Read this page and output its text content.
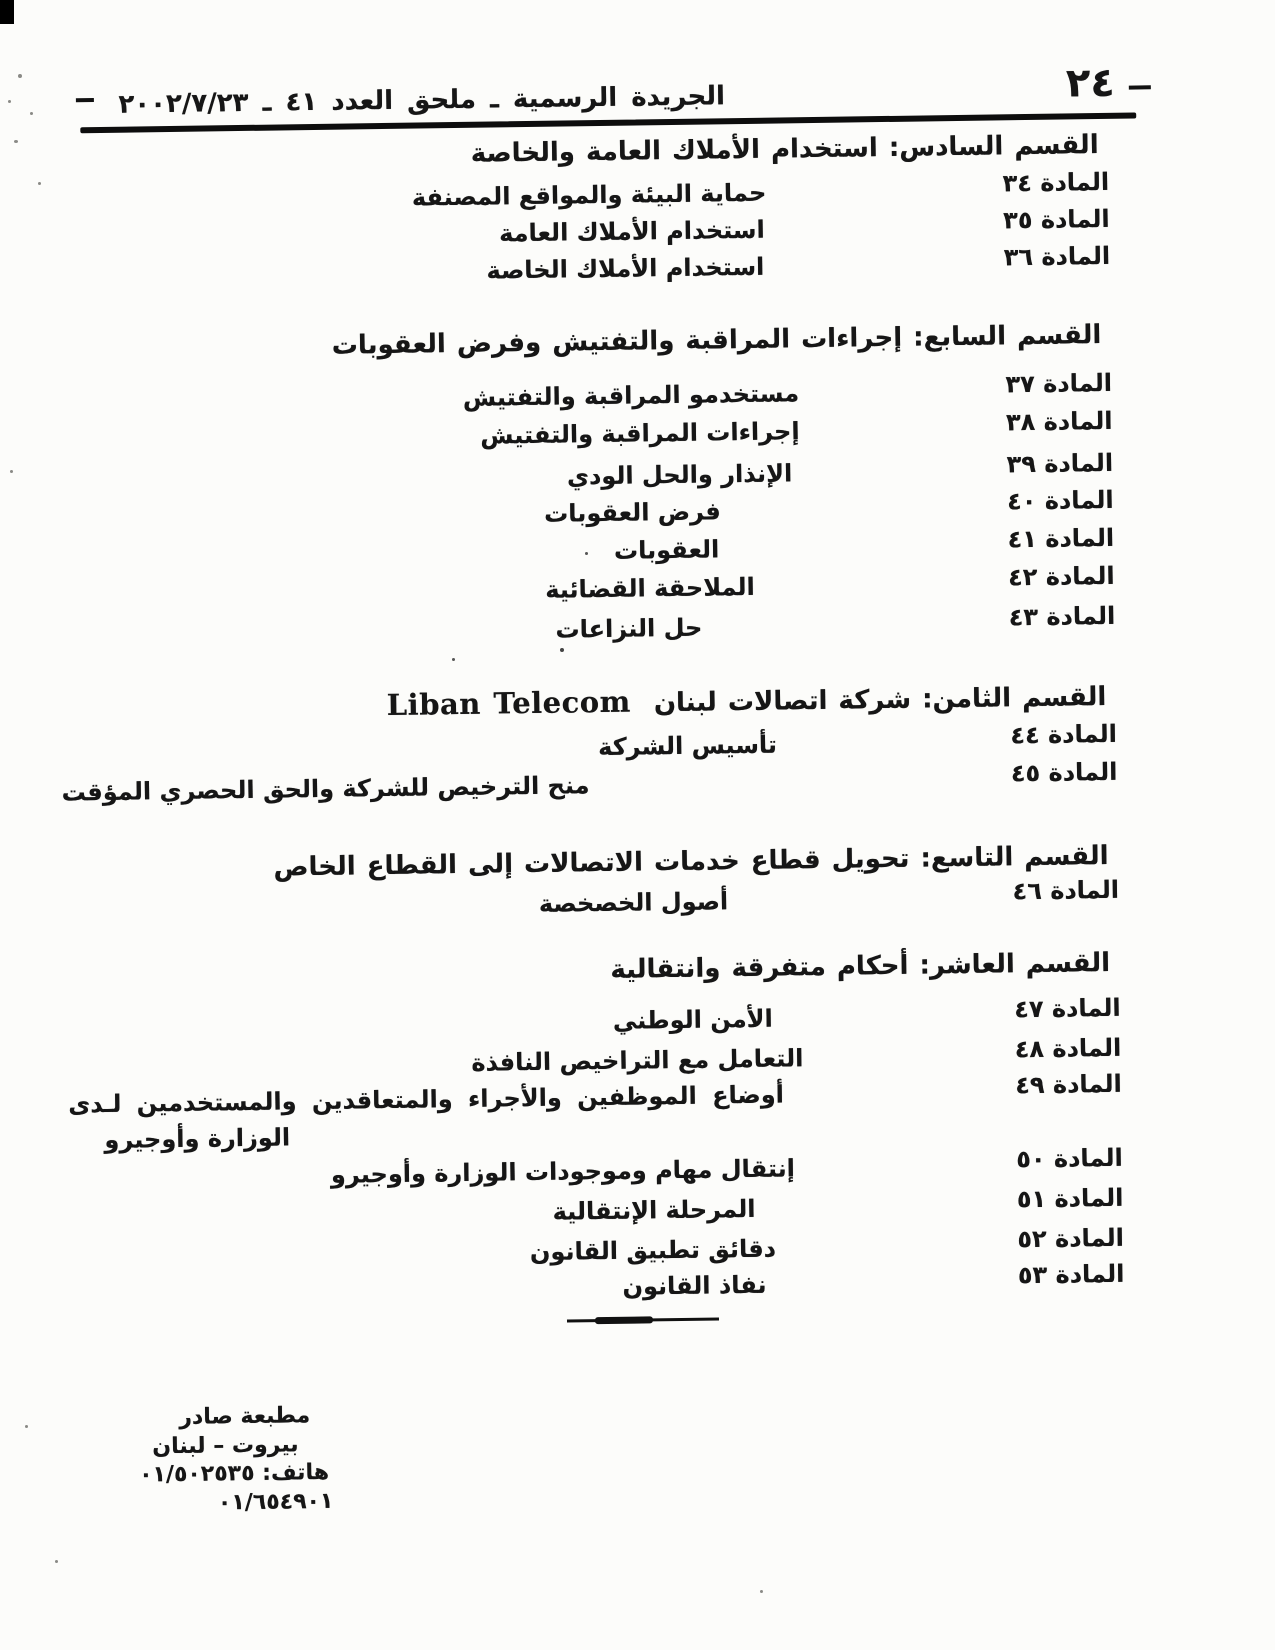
٢٤
الجريدة الرسمية ـ ملحق العدد ٤١ ـ ٢٠٠٢/٧/٢٣
القسم السادس: استخدام الأملاك العامة والخاصة
المادة ٣٤
حماية البيئة والمواقع المصنفة
المادة ٣٥
استخدام الأملاك العامة
المادة ٣٦
استخدام الأملاك الخاصة
القسم السابع: إجراءات المراقبة والتفتيش وفرض العقوبات
المادة ٣٧
مستخدمو المراقبة والتفتيش
المادة ٣٨
إجراءات المراقبة والتفتيش
المادة ٣٩
الإنذار والحل الودي
المادة ٤٠
فرض العقوبات
المادة ٤١
العقوبات
المادة ٤٢
الملاحقة القضائية
المادة ٤٣
حل النزاعات
القسم الثامن: شركة اتصالات لبنان Liban Telecom
المادة ٤٤
تأسيس الشركة
المادة ٤٥
منح الترخيص للشركة والحق الحصري المؤقت
القسم التاسع: تحويل قطاع خدمات الاتصالات إلى القطاع الخاص
المادة ٤٦
أصول الخصخصة
القسم العاشر: أحكام متفرقة وانتقالية
المادة ٤٧
الأمن الوطني
المادة ٤٨
التعامل مع التراخيص النافذة
المادة ٤٩
أوضاع الموظفين والأجراء والمتعاقدين والمستخدمين لـدى
الوزارة وأوجيرو
المادة ٥٠
إنتقال مهام وموجودات الوزارة وأوجيرو
المادة ٥١
المرحلة الإنتقالية
المادة ٥٢
دقائق تطبيق القانون
المادة ٥٣
نفاذ القانون
مطبعة صادر
بيروت – لبنان
هاتف: ٠١/٥٠٢٥٣٥
٠١/٦٥٤٩٠١
